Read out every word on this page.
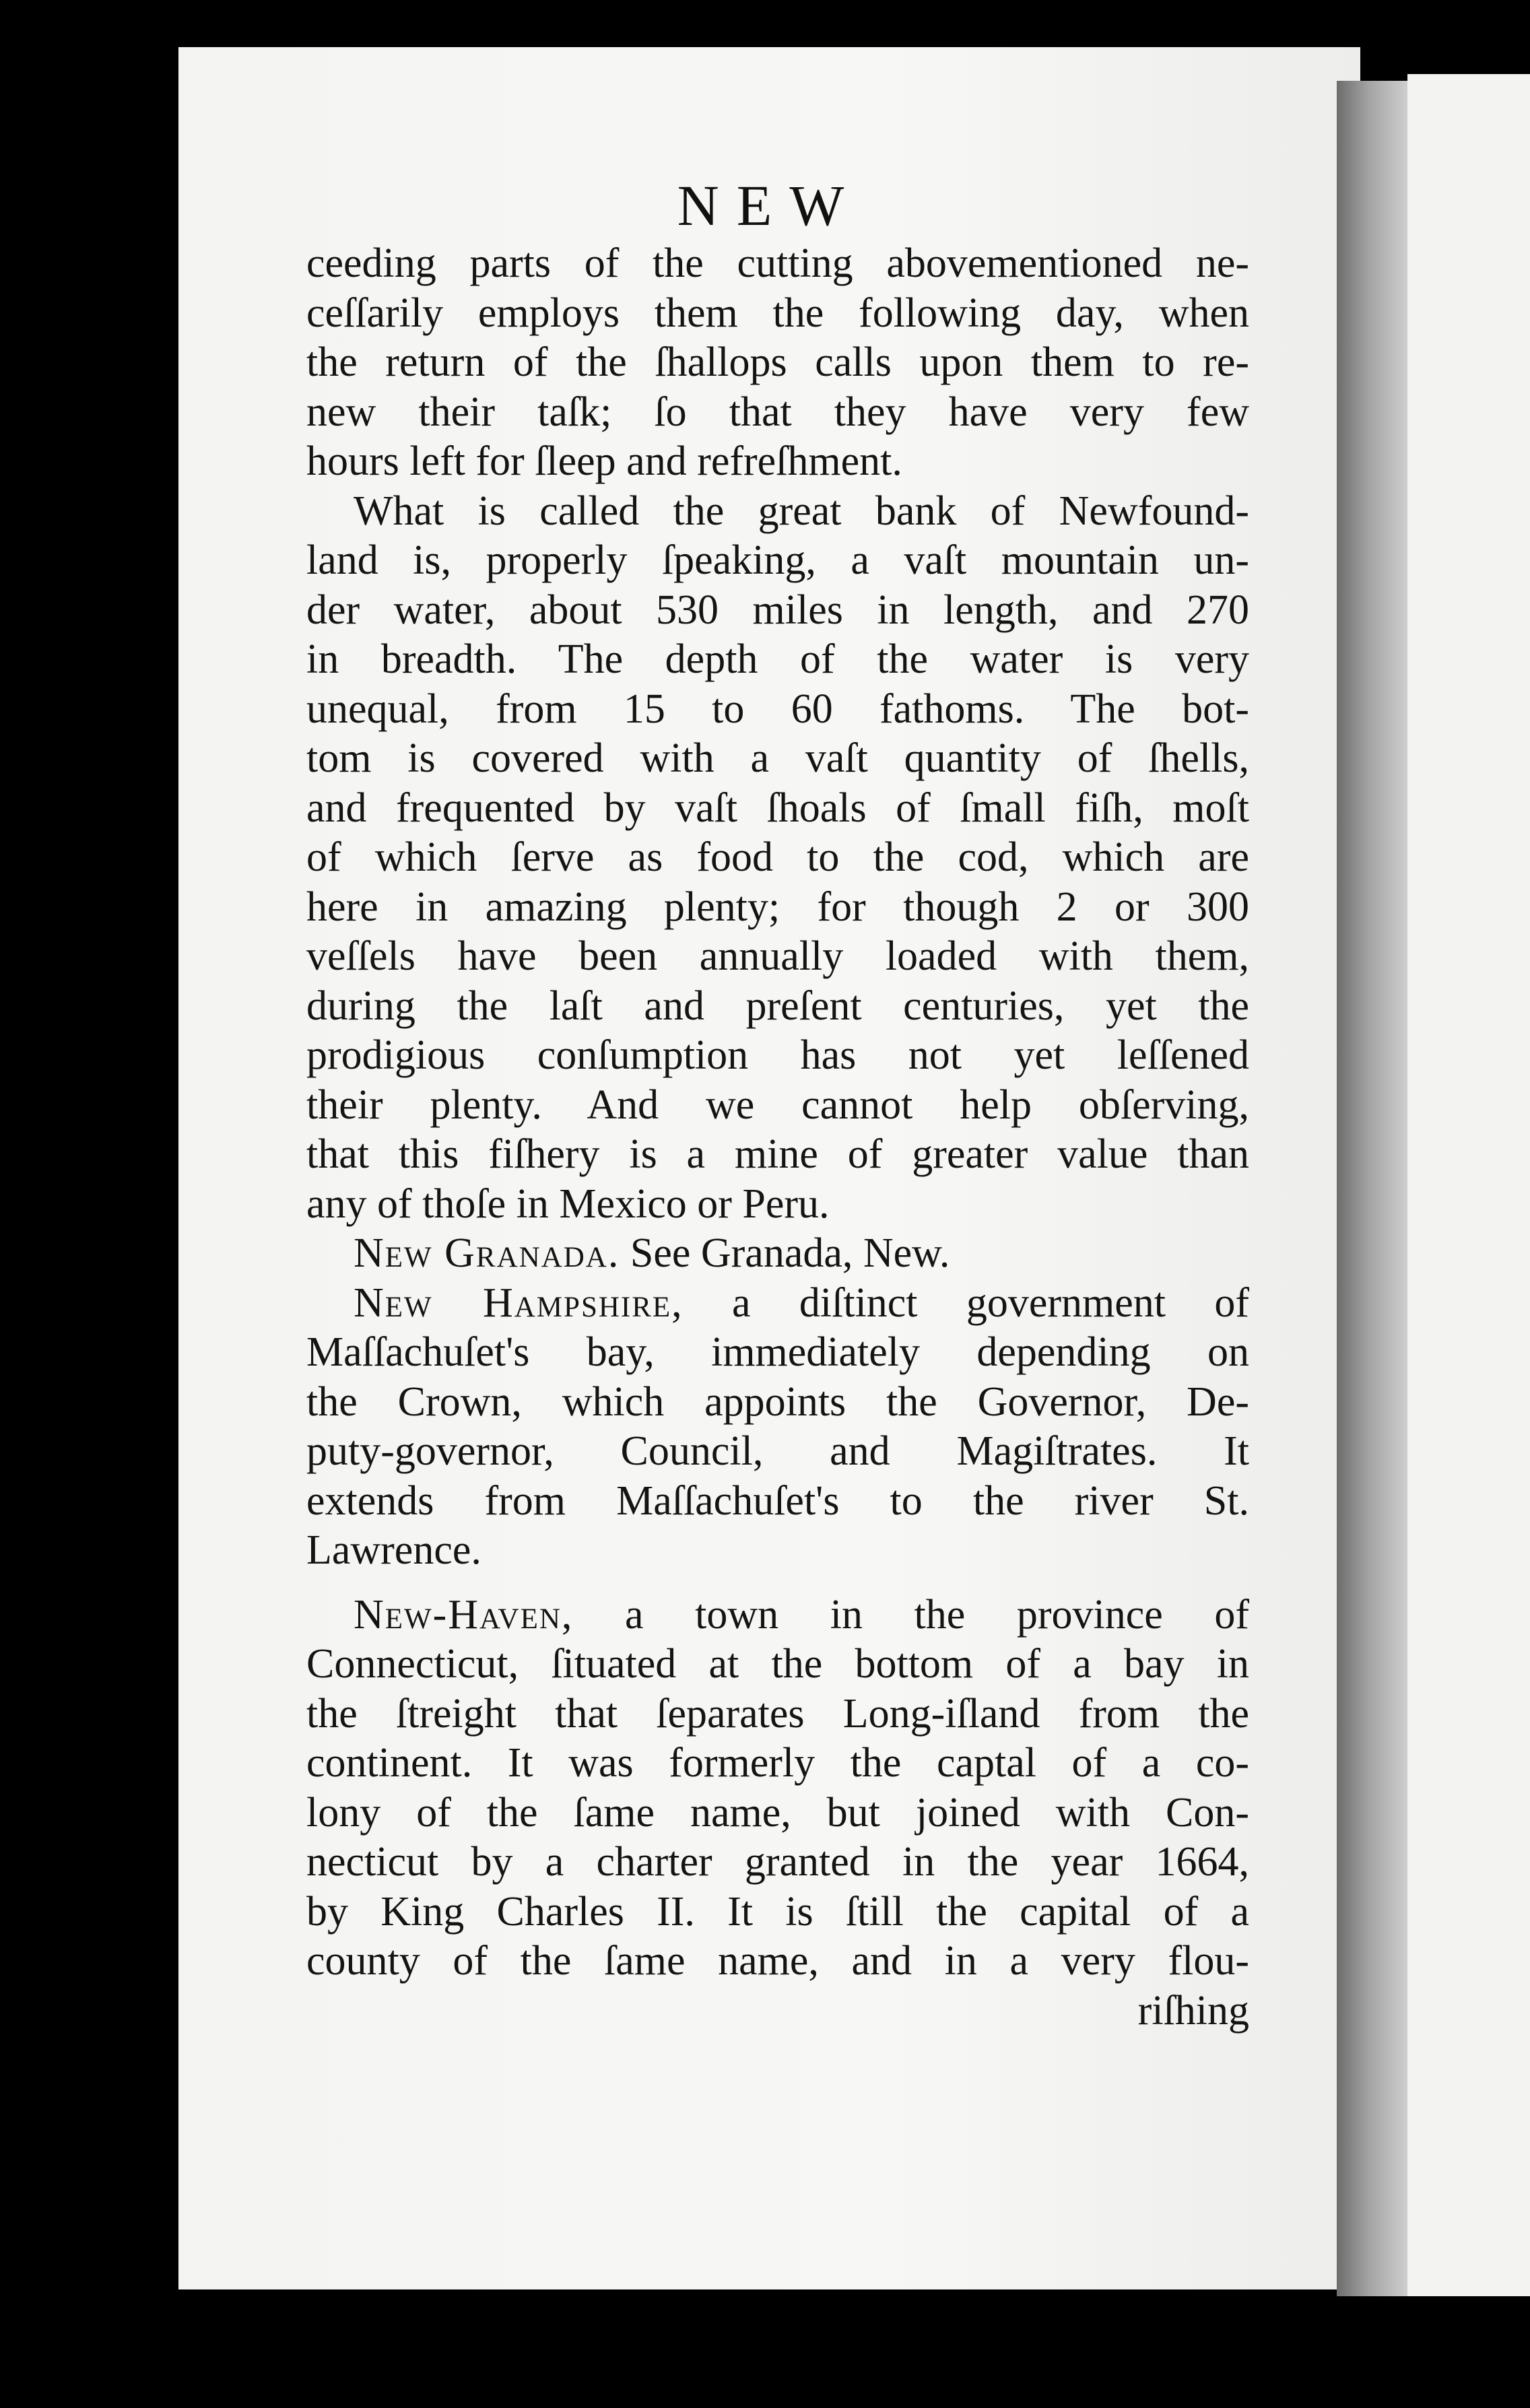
NEW
ceeding parts of the cutting abovementioned ne-
ceſſarily employs them the following day, when
the return of the ſhallops calls upon them to re-
new their taſk; ſo that they have very few
hours left for ſleep and refreſhment.
What is called the great bank of Newfound-
land is, properly ſpeaking, a vaſt mountain un-
der water, about 530 miles in length, and 270
in breadth. The depth of the water is very
unequal, from 15 to 60 fathoms. The bot-
tom is covered with a vaſt quantity of ſhells,
and frequented by vaſt ſhoals of ſmall fiſh, moſt
of which ſerve as food to the cod, which are
here in amazing plenty; for though 2 or 300
veſſels have been annually loaded with them,
during the laſt and preſent centuries, yet the
prodigious conſumption has not yet leſſened
their plenty. And we cannot help obſerving,
that this fiſhery is a mine of greater value than
any of thoſe in Mexico or Peru.
New Granada. See Granada, New.
New Hampshire, a diſtinct government of
Maſſachuſet's bay, immediately depending on
the Crown, which appoints the Governor, De-
puty-governor, Council, and Magiſtrates. It
extends from Maſſachuſet's to the river St.
Lawrence.
New-Haven, a town in the province of
Connecticut, ſituated at the bottom of a bay in
the ſtreight that ſeparates Long-iſland from the
continent. It was formerly the captal of a co-
lony of the ſame name, but joined with Con-
necticut by a charter granted in the year 1664,
by King Charles II. It is ſtill the capital of a
county of the ſame name, and in a very flou-
riſhing
